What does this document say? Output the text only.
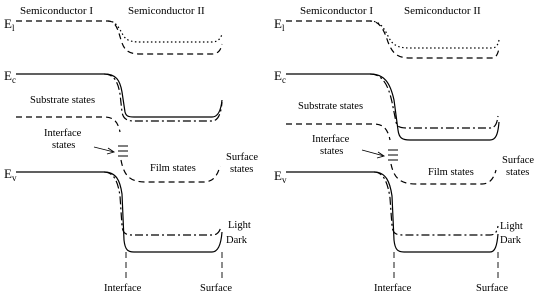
Semiconductor I	Semiconductor II
$E_l$
$E_c$
Substrate states
Interface
states
Film states
Surface
states
$E_v$
Light
Dark
Interface	Surface
Semiconductor I	Semiconductor II
$E_l$
$E_c$
Substrate states
Interface
states
Film states
Surface
states
$E_v$
Light
Dark
Interface	Surface
